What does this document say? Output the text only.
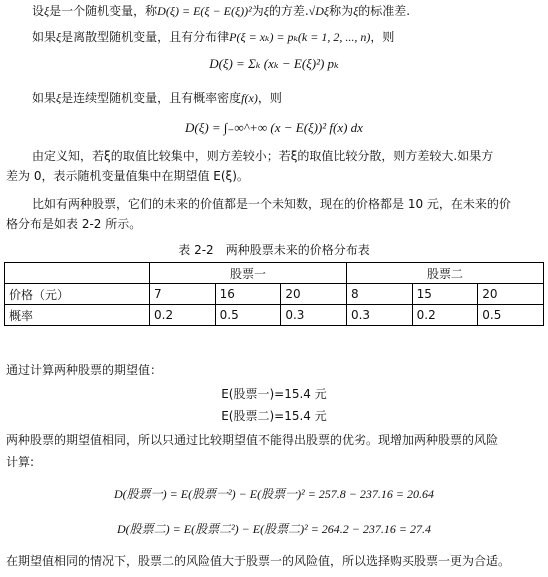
设ξ是一个随机变量，称D(ξ) = E(ξ − E(ξ))²为ξ的方差.√Dξ称为ξ的标准差.
如果ξ是离散型随机变量，且有分布律P(ξ = xₖ) = pₖ(k = 1, 2, ..., n)，则
D(ξ) = Σₖ (xₖ − E(ξ)²) pₖ
如果ξ是连续型随机变量，且有概率密度f(x)，则
D(ξ) = ∫₋∞^+∞ (x − E(ξ))² f(x) dx
由定义知，若ξ的取值比较集中，则方差较小；若ξ的取值比较分散，则方差较大.如果方
差为 0，表示随机变量值集中在期望值 E(ξ)。
比如有两种股票，它们的未来的价值都是一个未知数，现在的价格都是 10 元，在未来的价
格分布是如表 2-2 所示。
表 2-2　两种股票未来的价格分布表
	股票一			股票二		
价格（元）	7	16	20	8	15	20
概率	0.2	0.5	0.3	0.3	0.2	0.5
通过计算两种股票的期望值：
E(股票一)=15.4 元
E(股票二)=15.4 元
两种股票的期望值相同，所以只通过比较期望值不能得出股票的优劣。现增加两种股票的风险
计算:
D(股票一) = E(股票一²) − E(股票一)² = 257.8 − 237.16 = 20.64
D(股票二) = E(股票二²) − E(股票二)² = 264.2 − 237.16 = 27.4
在期望值相同的情况下，股票二的风险值大于股票一的风险值，所以选择购买股票一更为合适。
